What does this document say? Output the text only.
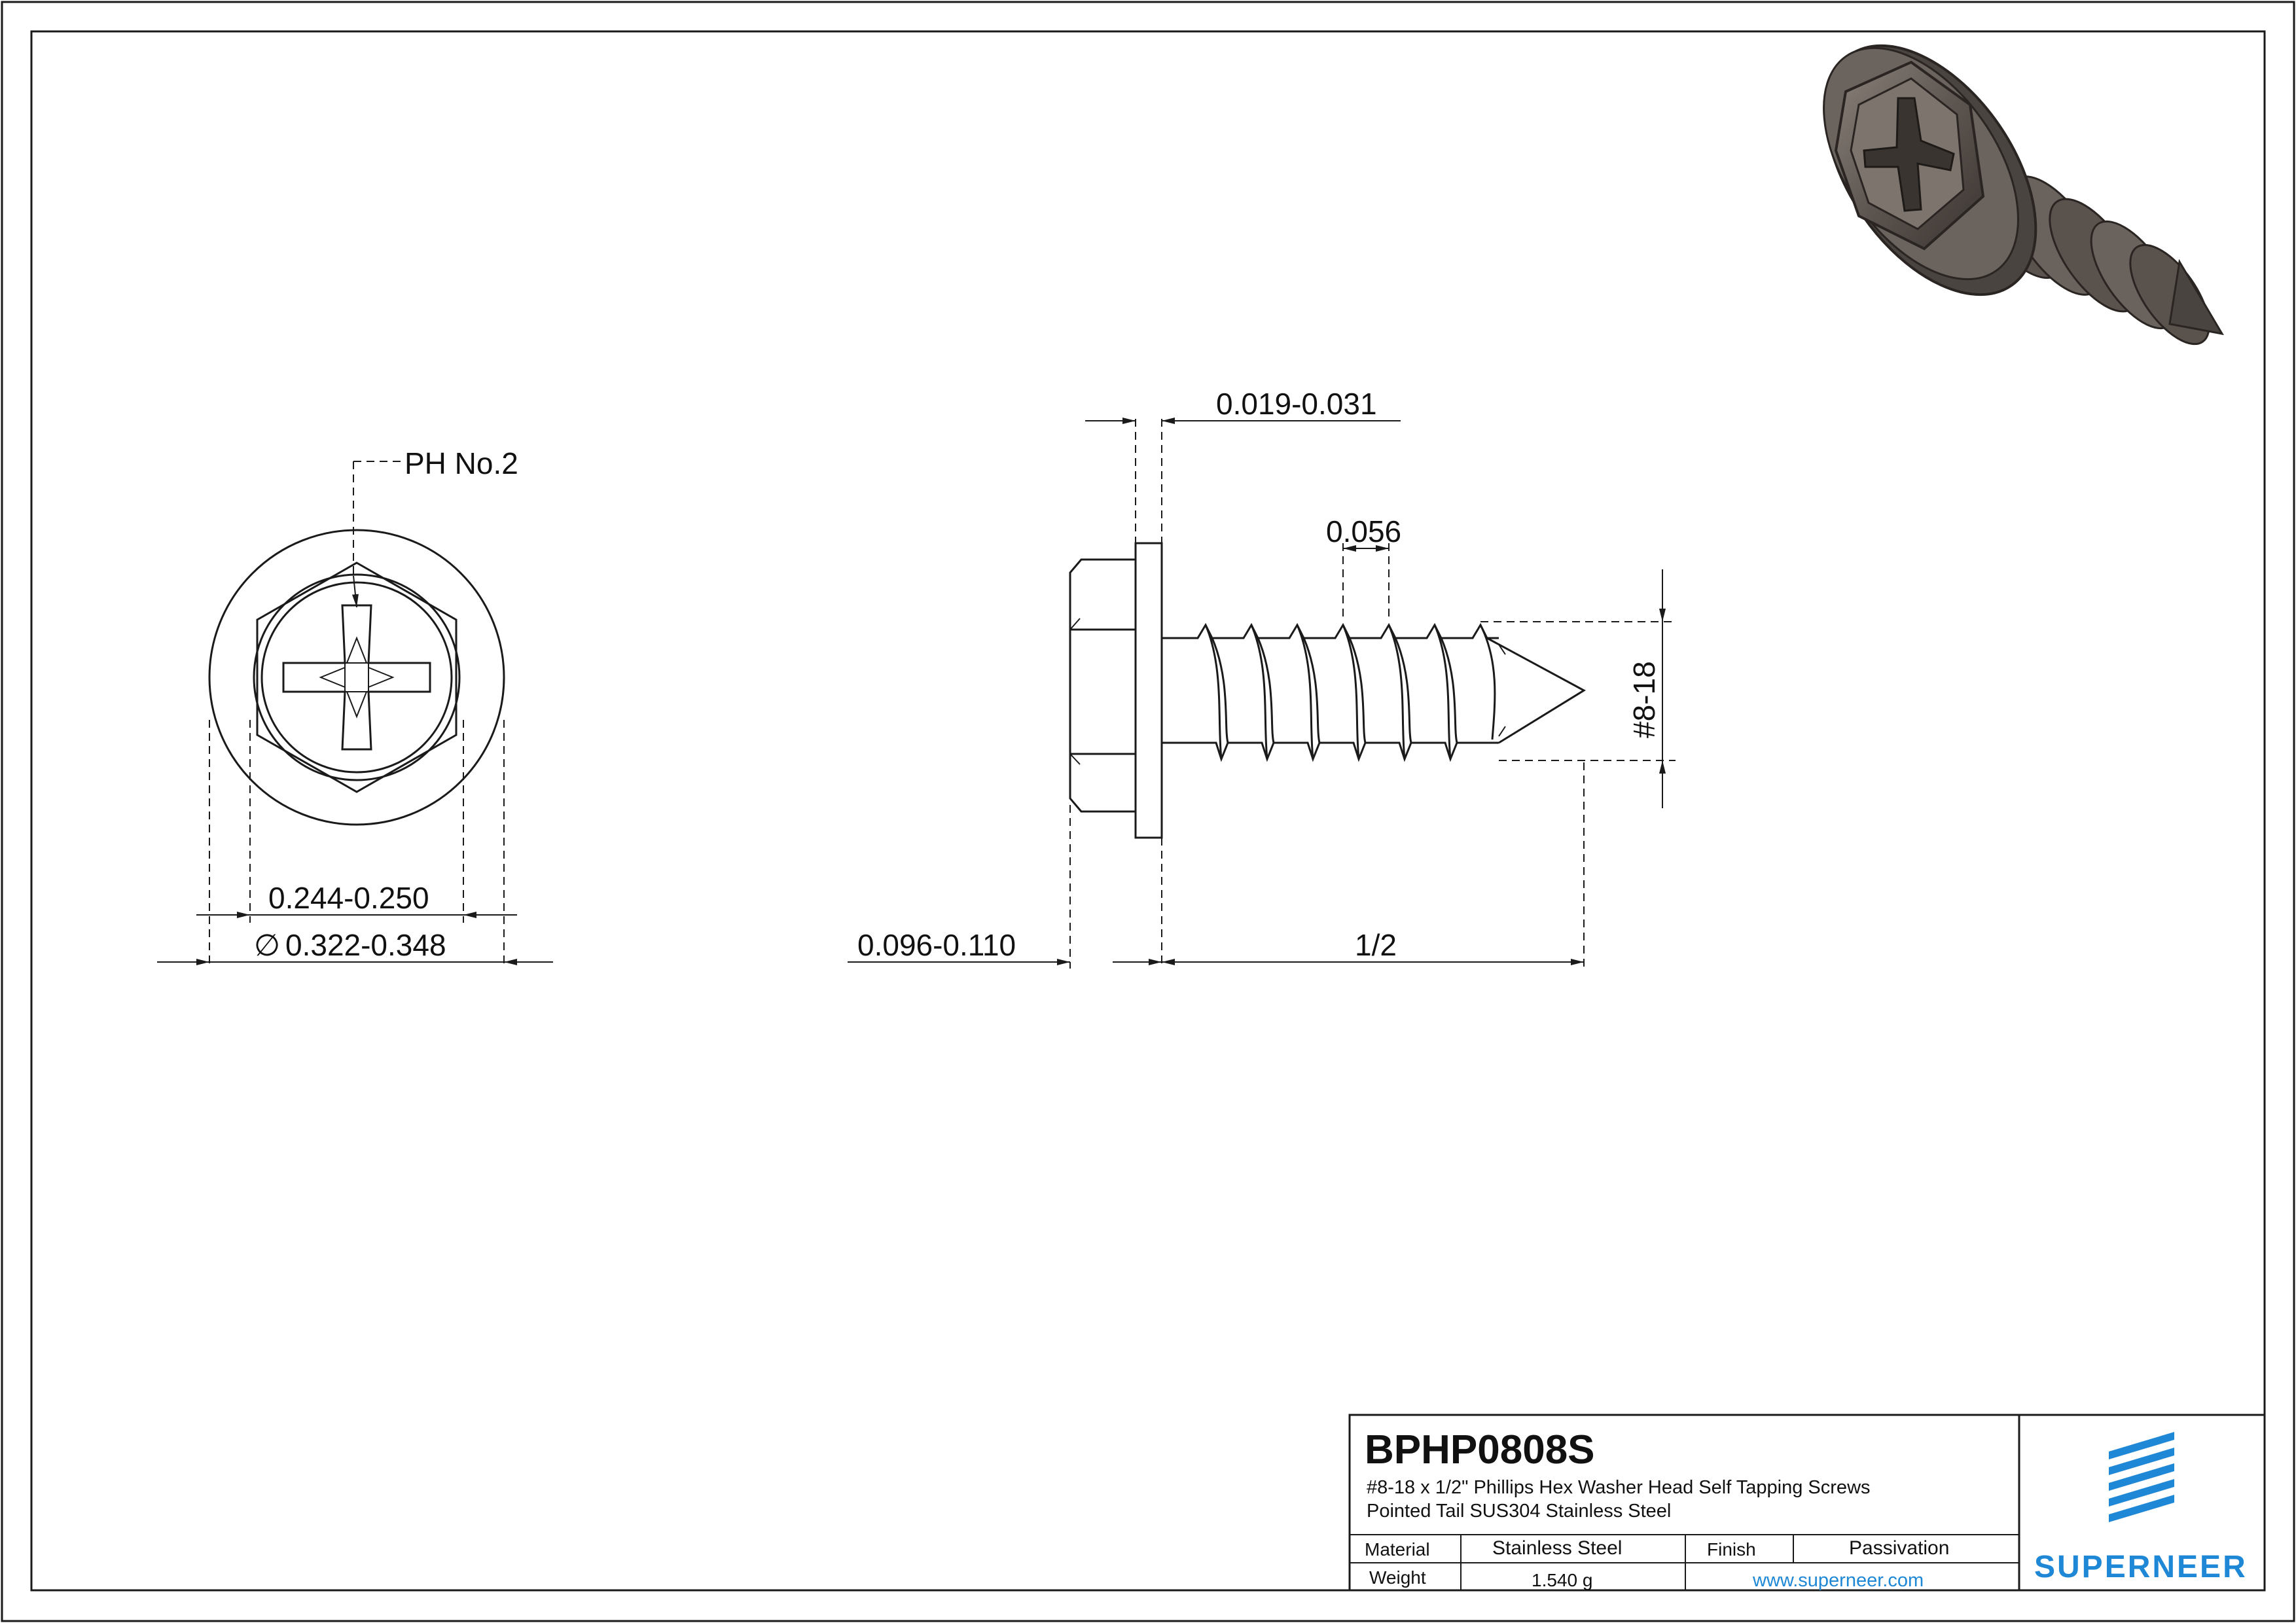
PH No.2
0.244-0.250
∅ 0.322-0.348
0.019-0.031
0.056
#8-18
0.096-0.110	1/2
BPHP0808S
#8-18 x 1/2" Phillips Hex Washer Head Self Tapping Screws
Pointed Tail SUS304 Stainless Steel
Material	Stainless Steel	Finish	Passivation
Weight	1.540 g	www.superneer.com	SUPERNEER
